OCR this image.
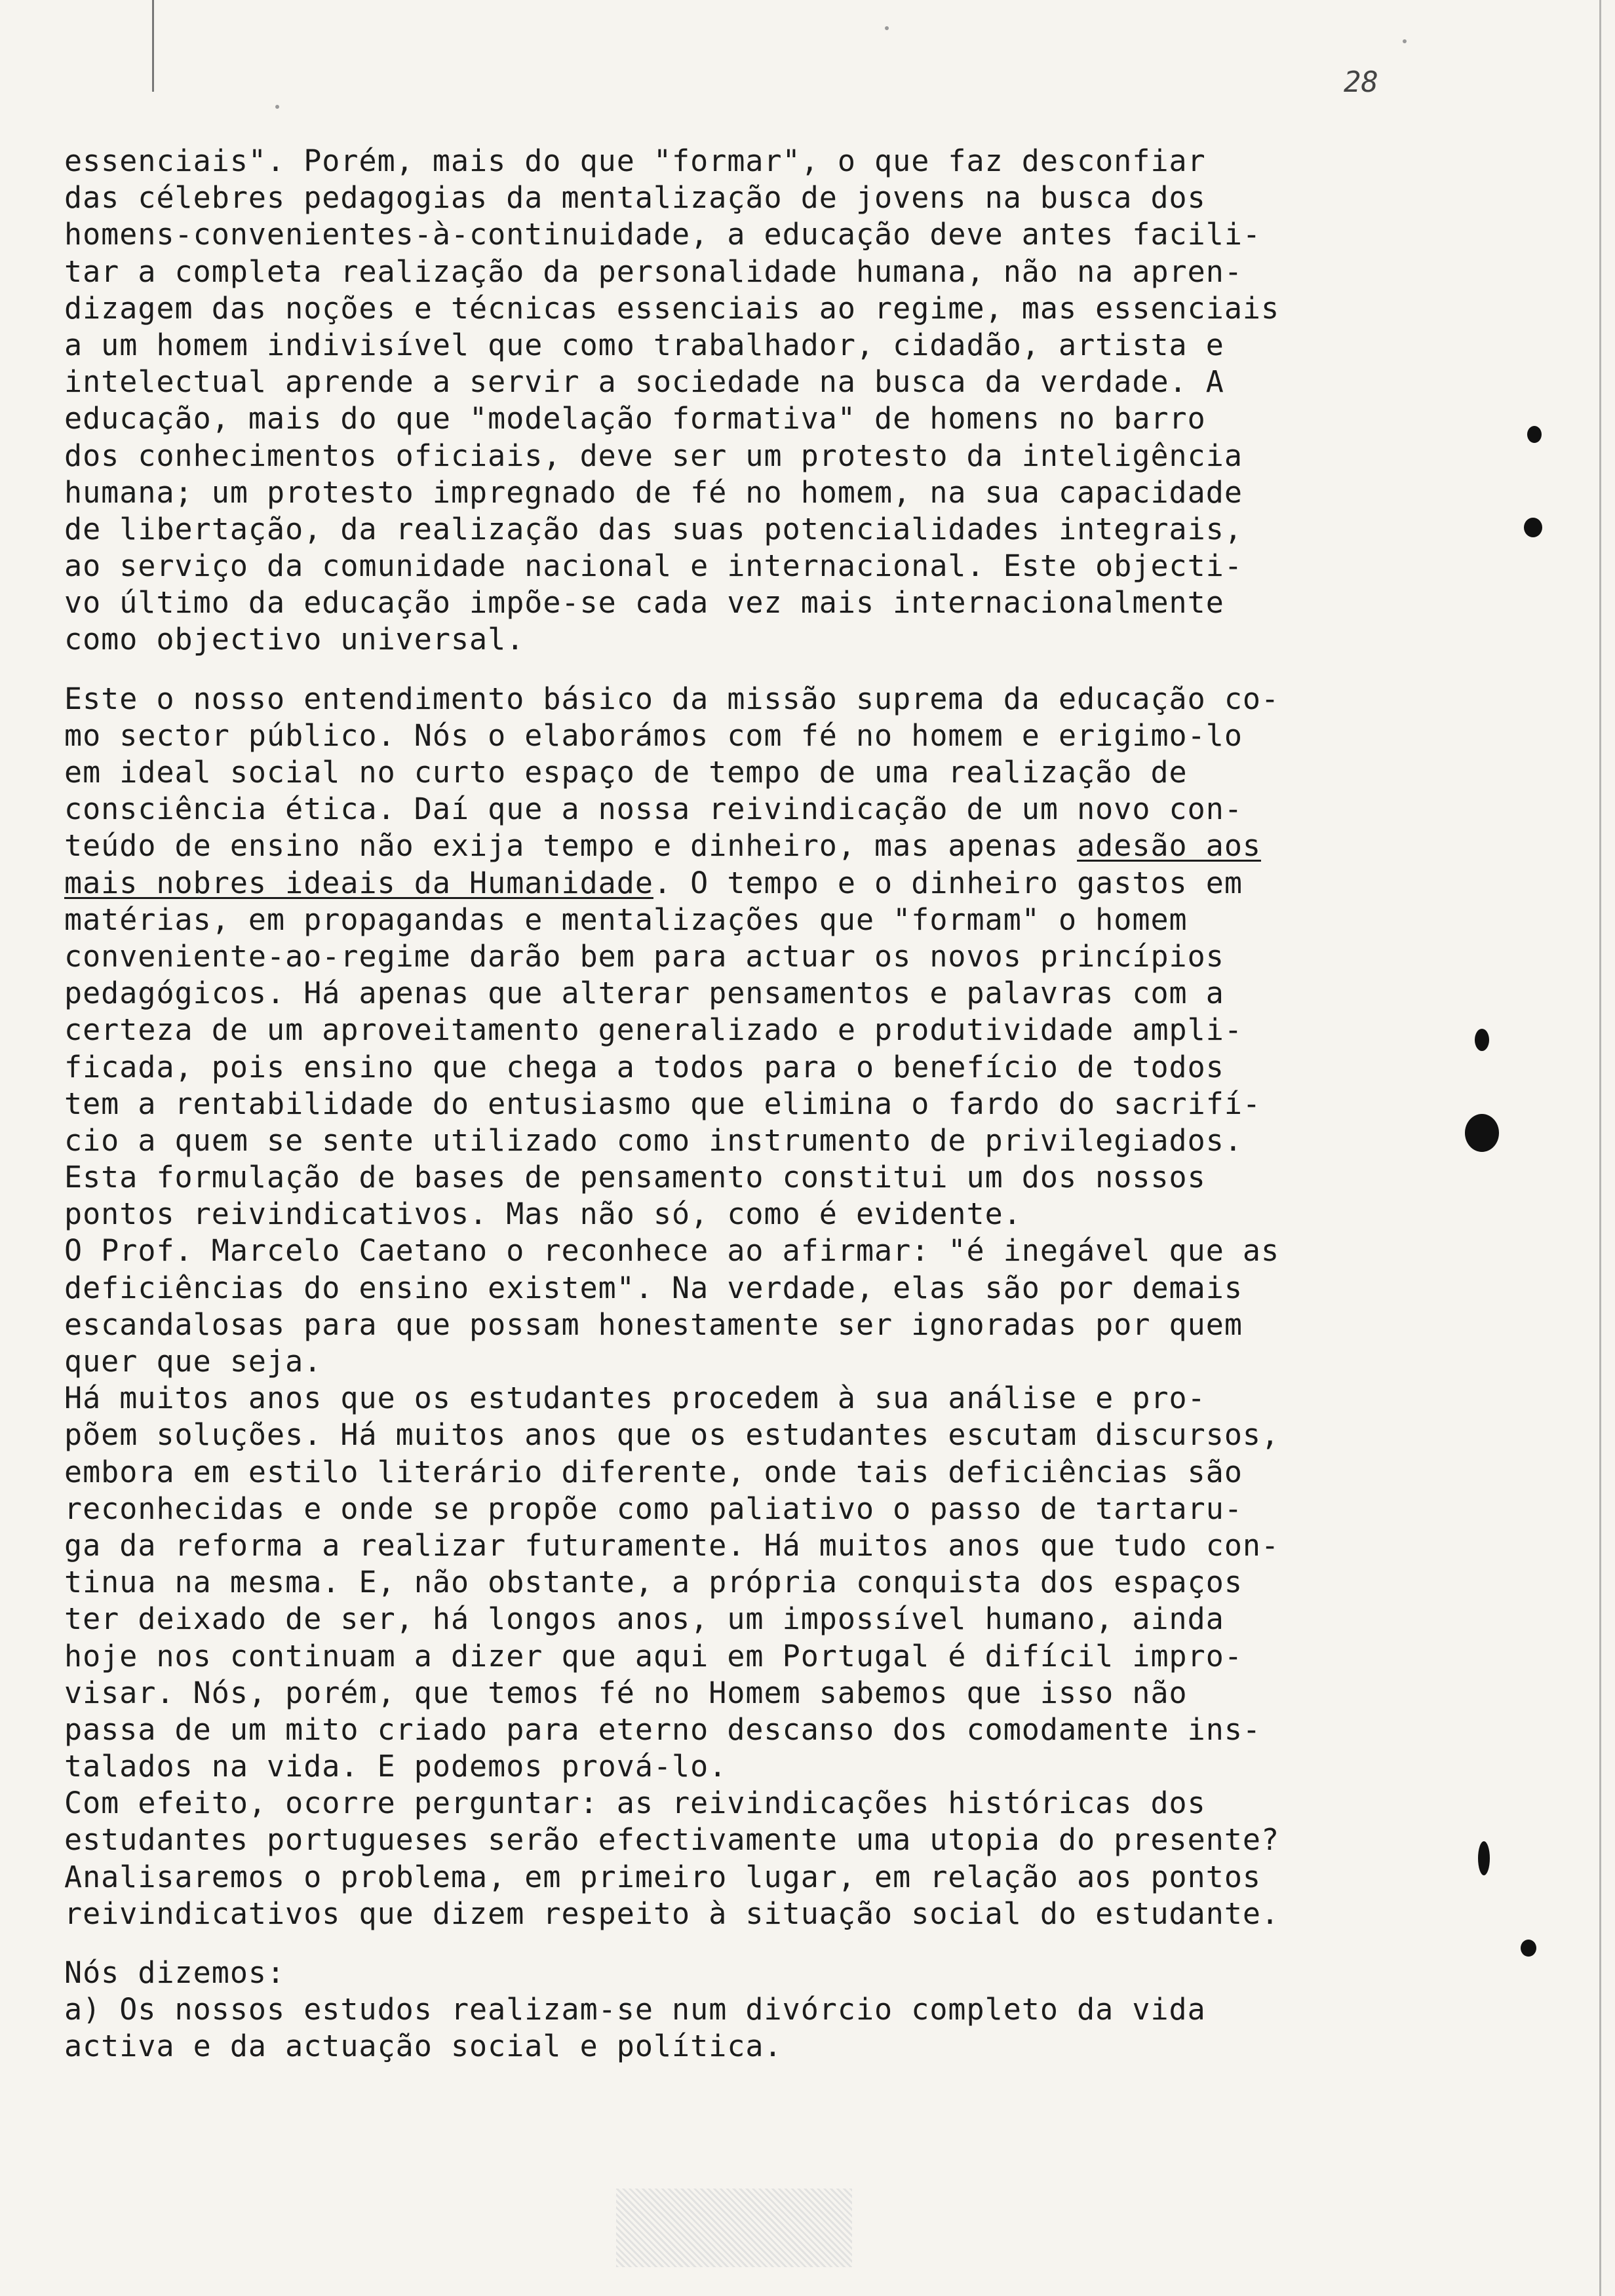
28
essenciais". Porém, mais do que "formar", o que faz desconfiar
das célebres pedagogias da mentalização de jovens na busca dos
homens-convenientes-à-continuidade, a educação deve antes facili-
tar a completa realização da personalidade humana, não na apren-
dizagem das noções e técnicas essenciais ao regime, mas essenciais
a um homem indivisível que como trabalhador, cidadão, artista e
intelectual aprende a servir a sociedade na busca da verdade. A
educação, mais do que "modelação formativa" de homens no barro
dos conhecimentos oficiais, deve ser um protesto da inteligência
humana; um protesto impregnado de fé no homem, na sua capacidade
de libertação, da realização das suas potencialidades integrais,
ao serviço da comunidade nacional e internacional. Este objecti-
vo último da educação impõe-se cada vez mais internacionalmente
como objectivo universal.
Este o nosso entendimento básico da missão suprema da educação co-
mo sector público. Nós o elaborámos com fé no homem e erigimo-lo
em ideal social no curto espaço de tempo de uma realização de
consciência ética. Daí que a nossa reivindicação de um novo con-
teúdo de ensino não exija tempo e dinheiro, mas apenas adesão aos
mais nobres ideais da Humanidade. O tempo e o dinheiro gastos em
matérias, em propagandas e mentalizações que "formam" o homem
conveniente-ao-regime darão bem para actuar os novos princípios
pedagógicos. Há apenas que alterar pensamentos e palavras com a
certeza de um aproveitamento generalizado e produtividade ampli-
ficada, pois ensino que chega a todos para o benefício de todos
tem a rentabilidade do entusiasmo que elimina o fardo do sacrifí-
cio a quem se sente utilizado como instrumento de privilegiados.
Esta formulação de bases de pensamento constitui um dos nossos
pontos reivindicativos. Mas não só, como é evidente.
O Prof. Marcelo Caetano o reconhece ao afirmar: "é inegável que as
deficiências do ensino existem". Na verdade, elas são por demais
escandalosas para que possam honestamente ser ignoradas por quem
quer que seja.
Há muitos anos que os estudantes procedem à sua análise e pro-
põem soluções. Há muitos anos que os estudantes escutam discursos,
embora em estilo literário diferente, onde tais deficiências são
reconhecidas e onde se propõe como paliativo o passo de tartaru-
ga da reforma a realizar futuramente. Há muitos anos que tudo con-
tinua na mesma. E, não obstante, a própria conquista dos espaços
ter deixado de ser, há longos anos, um impossível humano, ainda
hoje nos continuam a dizer que aqui em Portugal é difícil impro-
visar. Nós, porém, que temos fé no Homem sabemos que isso não
passa de um mito criado para eterno descanso dos comodamente ins-
talados na vida. E podemos prová-lo.
Com efeito, ocorre perguntar: as reivindicações históricas dos
estudantes portugueses serão efectivamente uma utopia do presente?
Analisaremos o problema, em primeiro lugar, em relação aos pontos
reivindicativos que dizem respeito à situação social do estudante.
Nós dizemos:
a) Os nossos estudos realizam-se num divórcio completo da vida
activa e da actuação social e política.
